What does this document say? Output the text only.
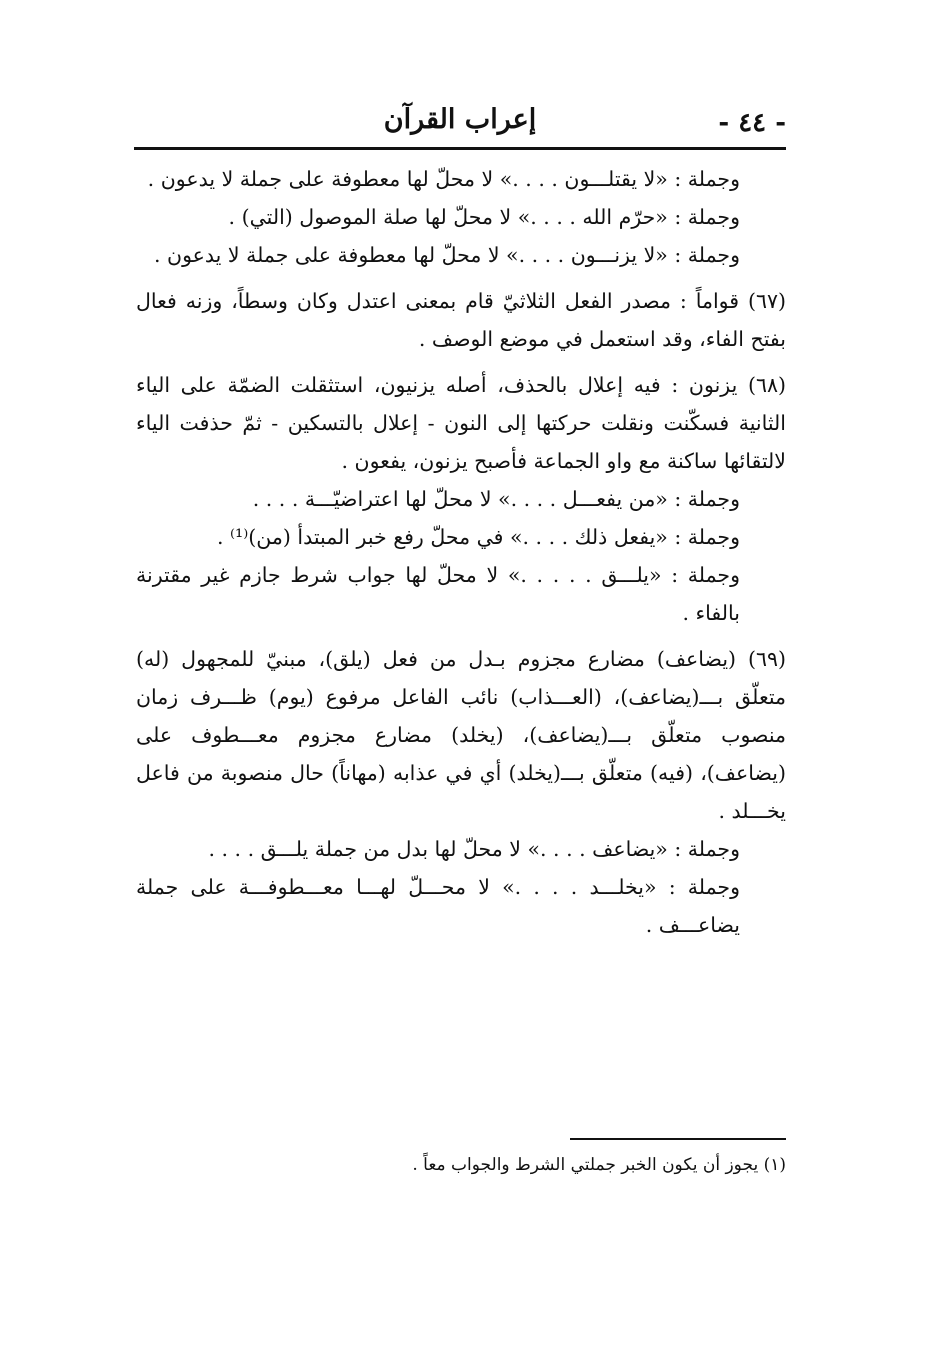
- ٤٤ -
إعراب القرآن

وجملة : «لا يقتلـــون . . . .» لا محلّ لها معطوفة على جملة لا يدعون .

وجملة : «حرّم الله . . . .» لا محلّ لها صلة الموصول (التي) .

وجملة : «لا يزنـــون . . . .» لا محلّ لها معطوفة على جملة لا يدعون .

(٦٧) قواماً : مصدر الفعل الثلاثيّ قام بمعنى اعتدل وكان وسطاً، وزنه فعال بفتح الفاء، وقد استعمل في موضع الوصف .

(٦٨) يزنون : فيه إعلال بالحذف، أصله يزنيون، استثقلت الضمّة على الياء الثانية فسكّنت ونقلت حركتها إلى النون - إعلال بالتسكين - ثمّ حذفت الياء لالتقائها ساكنة مع واو الجماعة فأصبح يزنون، يفعون .

وجملة : «من يفعـــل . . . .» لا محلّ لها اعتراضيّـــة . . . .

وجملة : «يفعل ذلك . . . .» في محلّ رفع خبر المبتدأ (من)⁽¹⁾ .

وجملة : «يلـــق . . . . .» لا محلّ لها جواب شرط جازم غير مقترنة بالفاء .

(٦٩) (يضاعف) مضارع مجزوم بـدل من فعل (يلق)، مبنيّ للمجهول (له) متعلّق بـــ(يضاعف)، (العـــذاب) نائب الفاعل مرفوع (يوم) ظـــرف زمان منصوب متعلّق بـــ(يضاعف)، (يخلد) مضارع مجزوم معـــطوف على (يضاعف)، (فيه) متعلّق بـــ(يخلد) أي في عذابه (مهاناً) حال منصوبة من فاعل يخـــلد .

وجملة : «يضاعف . . . .» لا محلّ لها بدل من جملة يلـــق . . . .

وجملة : «يخلـــد . . . .» لا محـــلّ لهـــا معـــطوفـــة على جملة يضاعـــف .

(١) يجوز أن يكون الخبر جملتي الشرط والجواب معاً .
